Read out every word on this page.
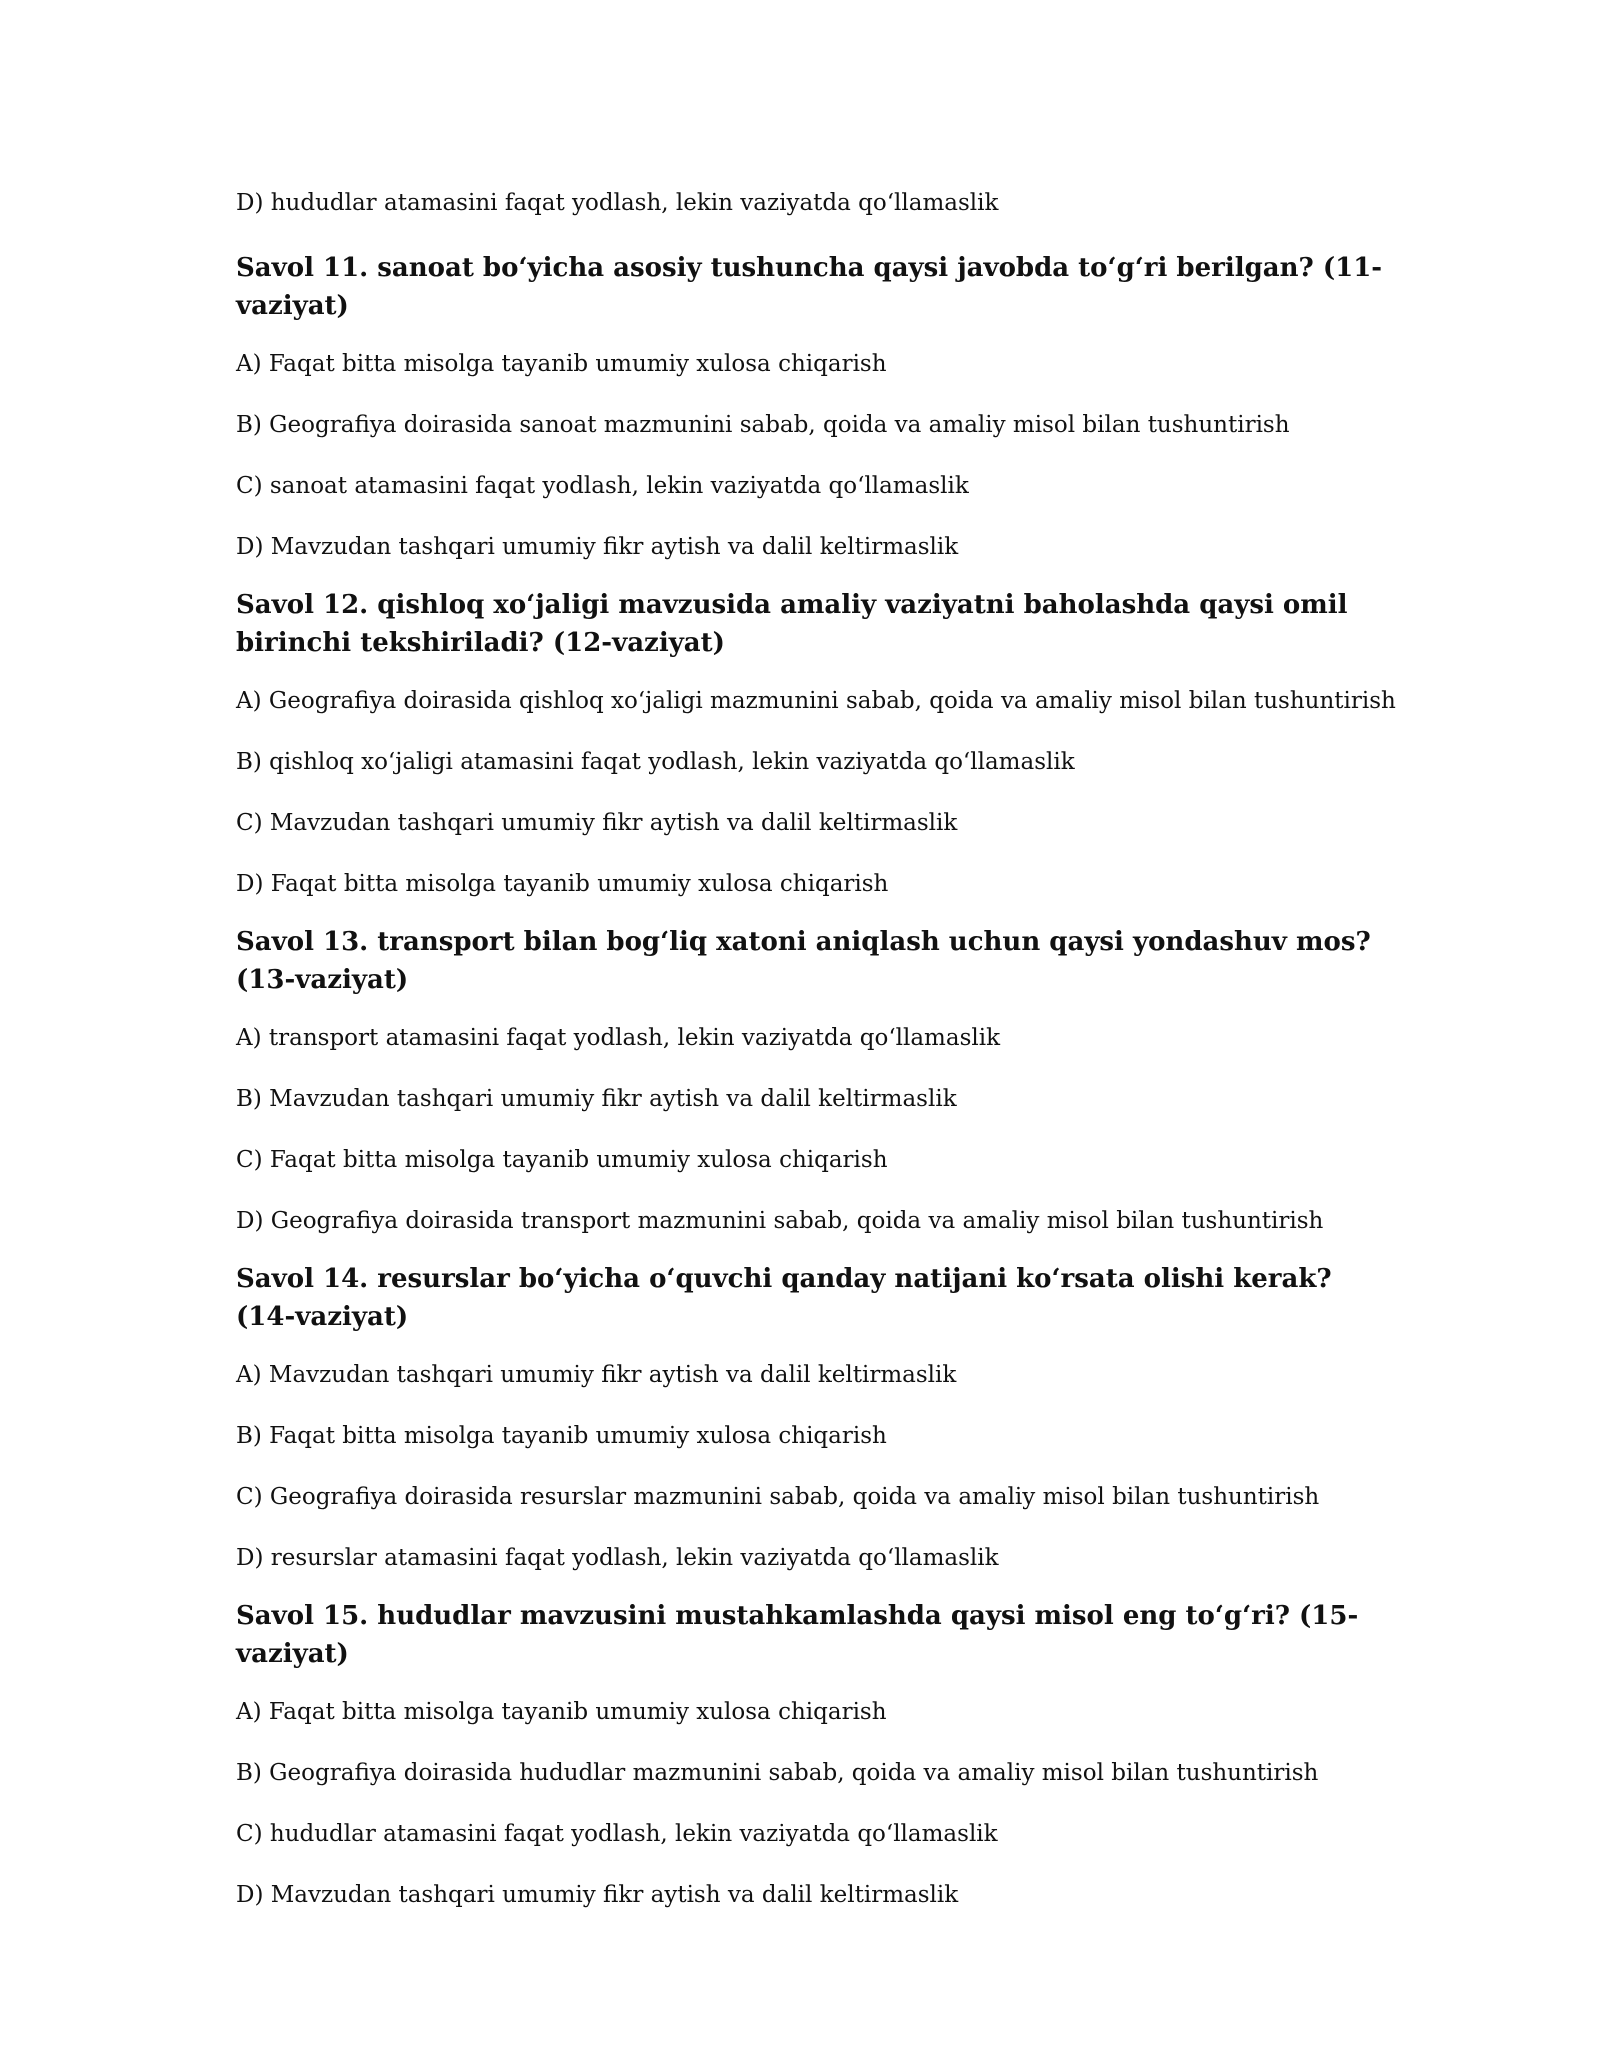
D) hududlar atamasini faqat yodlash, lekin vaziyatda qo‘llamaslik

Savol 11. sanoat bo‘yicha asosiy tushuncha qaysi javobda to‘g‘ri berilgan? (11-vaziyat)

A) Faqat bitta misolga tayanib umumiy xulosa chiqarish

B) Geografiya doirasida sanoat mazmunini sabab, qoida va amaliy misol bilan tushuntirish

C) sanoat atamasini faqat yodlash, lekin vaziyatda qo‘llamaslik

D) Mavzudan tashqari umumiy fikr aytish va dalil keltirmaslik

Savol 12. qishloq xo‘jaligi mavzusida amaliy vaziyatni baholashda qaysi omil birinchi tekshiriladi? (12-vaziyat)

A) Geografiya doirasida qishloq xo‘jaligi mazmunini sabab, qoida va amaliy misol bilan tushuntirish

B) qishloq xo‘jaligi atamasini faqat yodlash, lekin vaziyatda qo‘llamaslik

C) Mavzudan tashqari umumiy fikr aytish va dalil keltirmaslik

D) Faqat bitta misolga tayanib umumiy xulosa chiqarish

Savol 13. transport bilan bog‘liq xatoni aniqlash uchun qaysi yondashuv mos? (13-vaziyat)

A) transport atamasini faqat yodlash, lekin vaziyatda qo‘llamaslik

B) Mavzudan tashqari umumiy fikr aytish va dalil keltirmaslik

C) Faqat bitta misolga tayanib umumiy xulosa chiqarish

D) Geografiya doirasida transport mazmunini sabab, qoida va amaliy misol bilan tushuntirish

Savol 14. resurslar bo‘yicha o‘quvchi qanday natijani ko‘rsata olishi kerak? (14-vaziyat)

A) Mavzudan tashqari umumiy fikr aytish va dalil keltirmaslik

B) Faqat bitta misolga tayanib umumiy xulosa chiqarish

C) Geografiya doirasida resurslar mazmunini sabab, qoida va amaliy misol bilan tushuntirish

D) resurslar atamasini faqat yodlash, lekin vaziyatda qo‘llamaslik

Savol 15. hududlar mavzusini mustahkamlashda qaysi misol eng to‘g‘ri? (15-vaziyat)

A) Faqat bitta misolga tayanib umumiy xulosa chiqarish

B) Geografiya doirasida hududlar mazmunini sabab, qoida va amaliy misol bilan tushuntirish

C) hududlar atamasini faqat yodlash, lekin vaziyatda qo‘llamaslik

D) Mavzudan tashqari umumiy fikr aytish va dalil keltirmaslik
